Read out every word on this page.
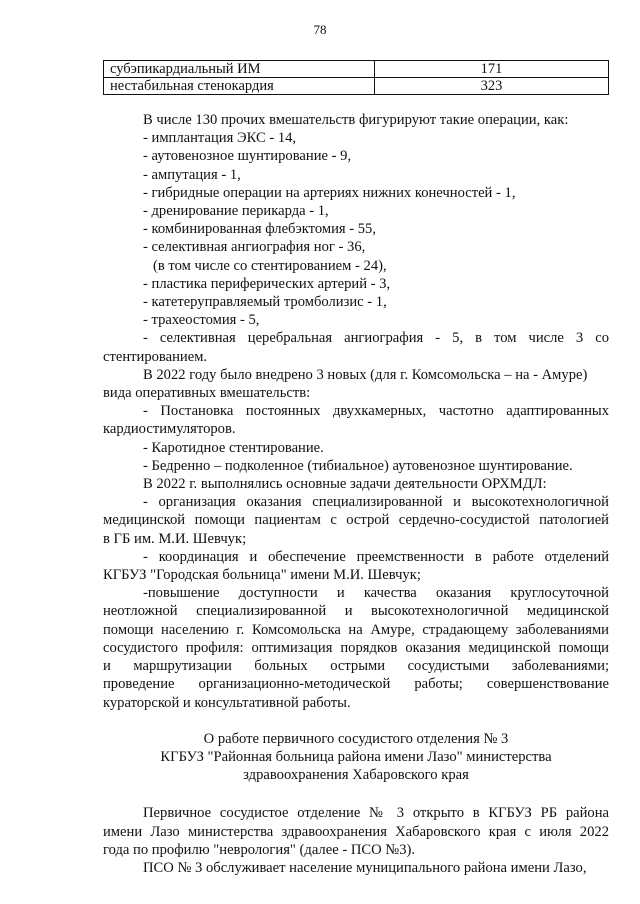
78
субэпикардиальный ИМ	171
нестабильная стенокардия	323

В числе 130 прочих вмешательств фигурируют такие операции, как:

- имплантация ЭКС - 14,

- аутовенозное шунтирование - 9,

- ампутация - 1,

- гибридные операции на артериях нижних конечностей - 1,

- дренирование перикарда - 1,

- комбинированная флебэктомия - 55,

- селективная ангиография ног - 36,

(в том числе со стентированием - 24),

- пластика периферических артерий - 3,

- катетеруправляемый тромболизис - 1,

- трахеостомия - 5,

- селективная церебральная ангиография - 5, в том числе 3 со

стентированием.

В 2022 году было внедрено 3 новых (для г. Комсомольска – на - Амуре)

вида оперативных вмешательств:

- Постановка постоянных двухкамерных, частотно адаптированных

кардиостимуляторов.

- Каротидное стентирование.

- Бедренно – подколенное (тибиальное) аутовенозное шунтирование.

В 2022 г. выполнялись основные задачи деятельности ОРХМДЛ:

- организация оказания специализированной и высокотехнологичной

медицинской помощи пациентам с острой сердечно-сосудистой патологией

в ГБ им. М.И. Шевчук;

- координация и обеспечение преемственности в работе отделений

КГБУЗ "Городская больница" имени М.И. Шевчук;

-повышение доступности и качества оказания круглосуточной

неотложной специализированной и высокотехнологичной медицинской

помощи населению г. Комсомольска на Амуре, страдающему заболеваниями

сосудистого профиля: оптимизация порядков оказания медицинской помощи

и маршрутизации больных острыми сосудистыми заболеваниями;

проведение организационно-методической работы; совершенствование

кураторской и консультативной работы.

О работе первичного сосудистого отделения № 3

КГБУЗ "Районная больница района имени Лазо" министерства

здравоохранения Хабаровского края

Первичное сосудистое отделение № 3 открыто в КГБУЗ РБ района

имени Лазо министерства здравоохранения Хабаровского края с июля 2022

года по профилю "неврология" (далее - ПСО №3).

ПСО № 3 обслуживает население муниципального района имени Лазо,
